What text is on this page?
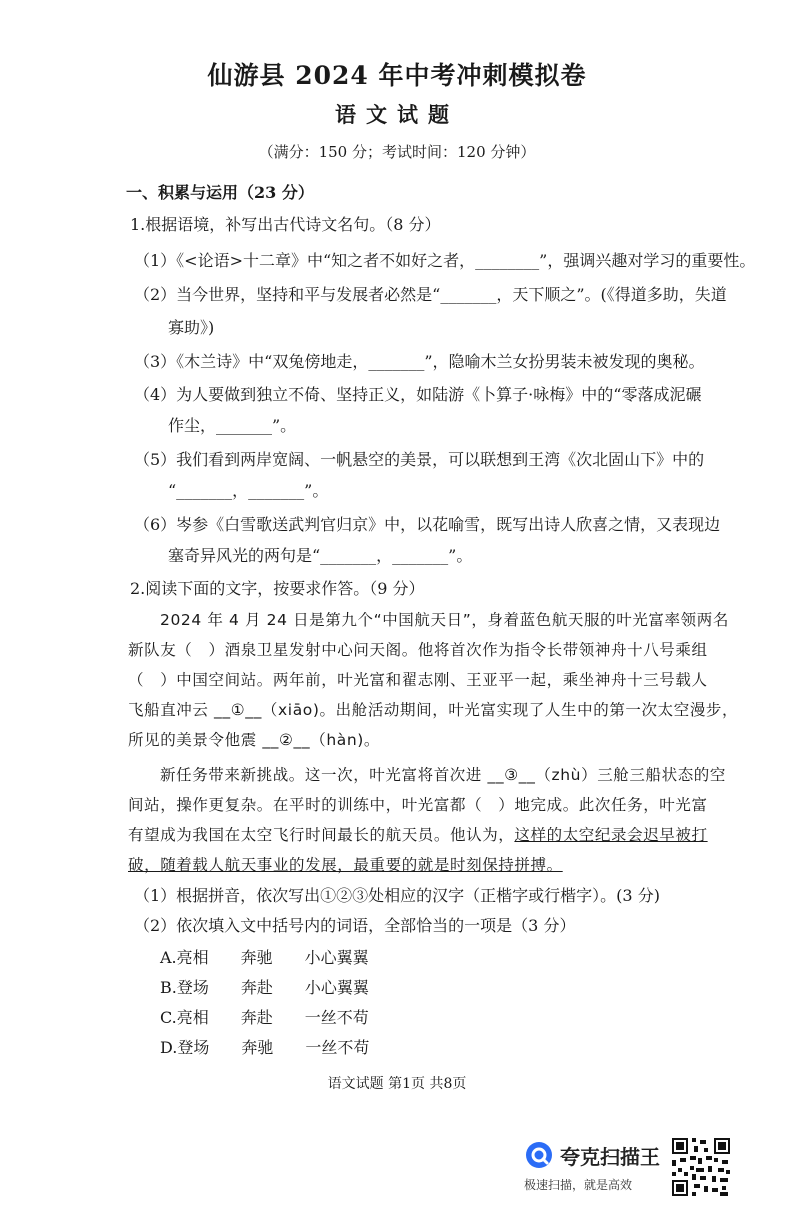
仙游县 2024 年中考冲刺模拟卷
语文试题
（满分：150 分；考试时间：120 分钟）
一、积累与运用（23 分）
1.根据语境，补写出古代诗文名句。（8 分）
（1）《<论语>十二章》中“知之者不如好之者，________”，强调兴趣对学习的重要性。
（2）当今世界，坚持和平与发展者必然是“_______，天下顺之”。(《得道多助，失道
寡助》)
（3）《木兰诗》中“双兔傍地走，_______”，隐喻木兰女扮男装未被发现的奥秘。
（4）为人要做到独立不倚、坚持正义，如陆游《卜算子·咏梅》中的“零落成泥碾
作尘，_______”。
（5）我们看到两岸宽阔、一帆悬空的美景，可以联想到王湾《次北固山下》中的
“_______，_______”。
（6）岑参《白雪歌送武判官归京》中，以花喻雪，既写出诗人欣喜之情，又表现边
塞奇异风光的两句是“_______，_______”。
2.阅读下面的文字，按要求作答。（9 分）
2024 年 4 月 24 日是第九个“中国航天日”，身着蓝色航天服的叶光富率领两名
新队友（　）酒泉卫星发射中心问天阁。他将首次作为指令长带领神舟十八号乘组
（　）中国空间站。两年前，叶光富和翟志刚、王亚平一起，乘坐神舟十三号载人
飞船直冲云 __①__（xiāo)。出舱活动期间，叶光富实现了人生中的第一次太空漫步，
所见的美景令他震 __②__（hàn)。
新任务带来新挑战。这一次，叶光富将首次进 __③__（zhù）三舱三船状态的空
间站，操作更复杂。在平时的训练中，叶光富都（　）地完成。此次任务，叶光富
有望成为我国在太空飞行时间最长的航天员。他认为，这样的太空纪录会迟早被打
破，随着载人航天事业的发展，最重要的就是时刻保持拼搏。
（1）根据拼音，依次写出①②③处相应的汉字（正楷字或行楷字）。(3 分)
（2）依次填入文中括号内的词语，全部恰当的一项是（3 分）
A.亮相　　奔驰　　小心翼翼
B.登场　　奔赴　　小心翼翼
C.亮相　　奔赴　　一丝不苟
D.登场　　奔驰　　一丝不苟
语文试题 第1页 共8页
夸克扫描王
极速扫描，就是高效
